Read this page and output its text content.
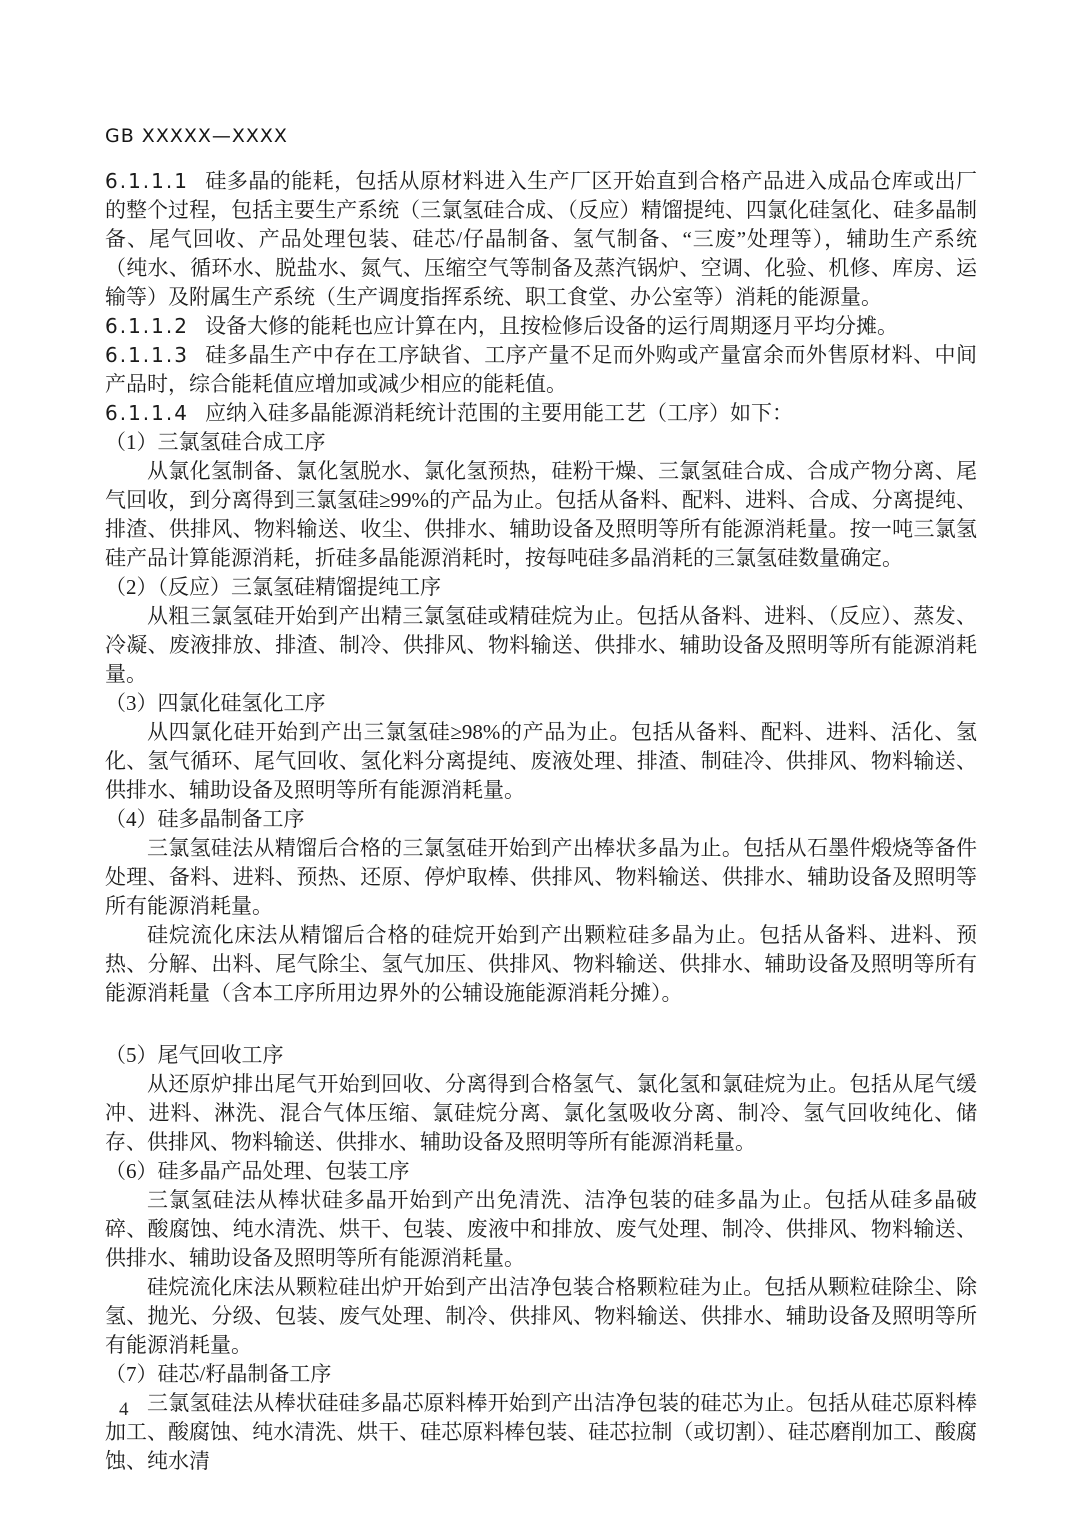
GB XXXXX—XXXX

6.1.1.1 硅多晶的能耗，包括从原材料进入生产厂区开始直到合格产品进入成品仓库或出厂的整个过程，包括主要生产系统（三氯氢硅合成、（反应）精馏提纯、四氯化硅氢化、硅多晶制备、尾气回收、产品处理包装、硅芯/仔晶制备、氢气制备、“三废”处理等），辅助生产系统（纯水、循环水、脱盐水、氮气、压缩空气等制备及蒸汽锅炉、空调、化验、机修、库房、运输等）及附属生产系统（生产调度指挥系统、职工食堂、办公室等）消耗的能源量。

6.1.1.2 设备大修的能耗也应计算在内，且按检修后设备的运行周期逐月平均分摊。

6.1.1.3 硅多晶生产中存在工序缺省、工序产量不足而外购或产量富余而外售原材料、中间产品时，综合能耗值应增加或减少相应的能耗值。

6.1.1.4 应纳入硅多晶能源消耗统计范围的主要用能工艺（工序）如下：

（1）三氯氢硅合成工序

从氯化氢制备、氯化氢脱水、氯化氢预热，硅粉干燥、三氯氢硅合成、合成产物分离、尾气回收，到分离得到三氯氢硅≥99%的产品为止。包括从备料、配料、进料、合成、分离提纯、排渣、供排风、物料输送、收尘、供排水、辅助设备及照明等所有能源消耗量。按一吨三氯氢硅产品计算能源消耗，折硅多晶能源消耗时，按每吨硅多晶消耗的三氯氢硅数量确定。

（2）（反应）三氯氢硅精馏提纯工序

从粗三氯氢硅开始到产出精三氯氢硅或精硅烷为止。包括从备料、进料、（反应）、蒸发、冷凝、废液排放、排渣、制冷、供排风、物料输送、供排水、辅助设备及照明等所有能源消耗量。

（3）四氯化硅氢化工序

从四氯化硅开始到产出三氯氢硅≥98%的产品为止。包括从备料、配料、进料、活化、氢化、氢气循环、尾气回收、氢化料分离提纯、废液处理、排渣、制硅冷、供排风、物料输送、供排水、辅助设备及照明等所有能源消耗量。

（4）硅多晶制备工序

三氯氢硅法从精馏后合格的三氯氢硅开始到产出棒状多晶为止。包括从石墨件煅烧等备件处理、备料、进料、预热、还原、停炉取棒、供排风、物料输送、供排水、辅助设备及照明等所有能源消耗量。

硅烷流化床法从精馏后合格的硅烷开始到产出颗粒硅多晶为止。包括从备料、进料、预热、分解、出料、尾气除尘、氢气加压、供排风、物料输送、供排水、辅助设备及照明等所有能源消耗量（含本工序所用边界外的公辅设施能源消耗分摊）。

（5）尾气回收工序

从还原炉排出尾气开始到回收、分离得到合格氢气、氯化氢和氯硅烷为止。包括从尾气缓冲、进料、淋洗、混合气体压缩、氯硅烷分离、氯化氢吸收分离、制冷、氢气回收纯化、储存、供排风、物料输送、供排水、辅助设备及照明等所有能源消耗量。

（6）硅多晶产品处理、包装工序

三氯氢硅法从棒状硅多晶开始到产出免清洗、洁净包装的硅多晶为止。包括从硅多晶破碎、酸腐蚀、纯水清洗、烘干、包装、废液中和排放、废气处理、制冷、供排风、物料输送、供排水、辅助设备及照明等所有能源消耗量。

硅烷流化床法从颗粒硅出炉开始到产出洁净包装合格颗粒硅为止。包括从颗粒硅除尘、除氢、抛光、分级、包装、废气处理、制冷、供排风、物料输送、供排水、辅助设备及照明等所有能源消耗量。

（7）硅芯/籽晶制备工序

三氯氢硅法从棒状硅硅多晶芯原料棒开始到产出洁净包装的硅芯为止。包括从硅芯原料棒加工、酸腐蚀、纯水清洗、烘干、硅芯原料棒包装、硅芯拉制（或切割）、硅芯磨削加工、酸腐蚀、纯水清

4
